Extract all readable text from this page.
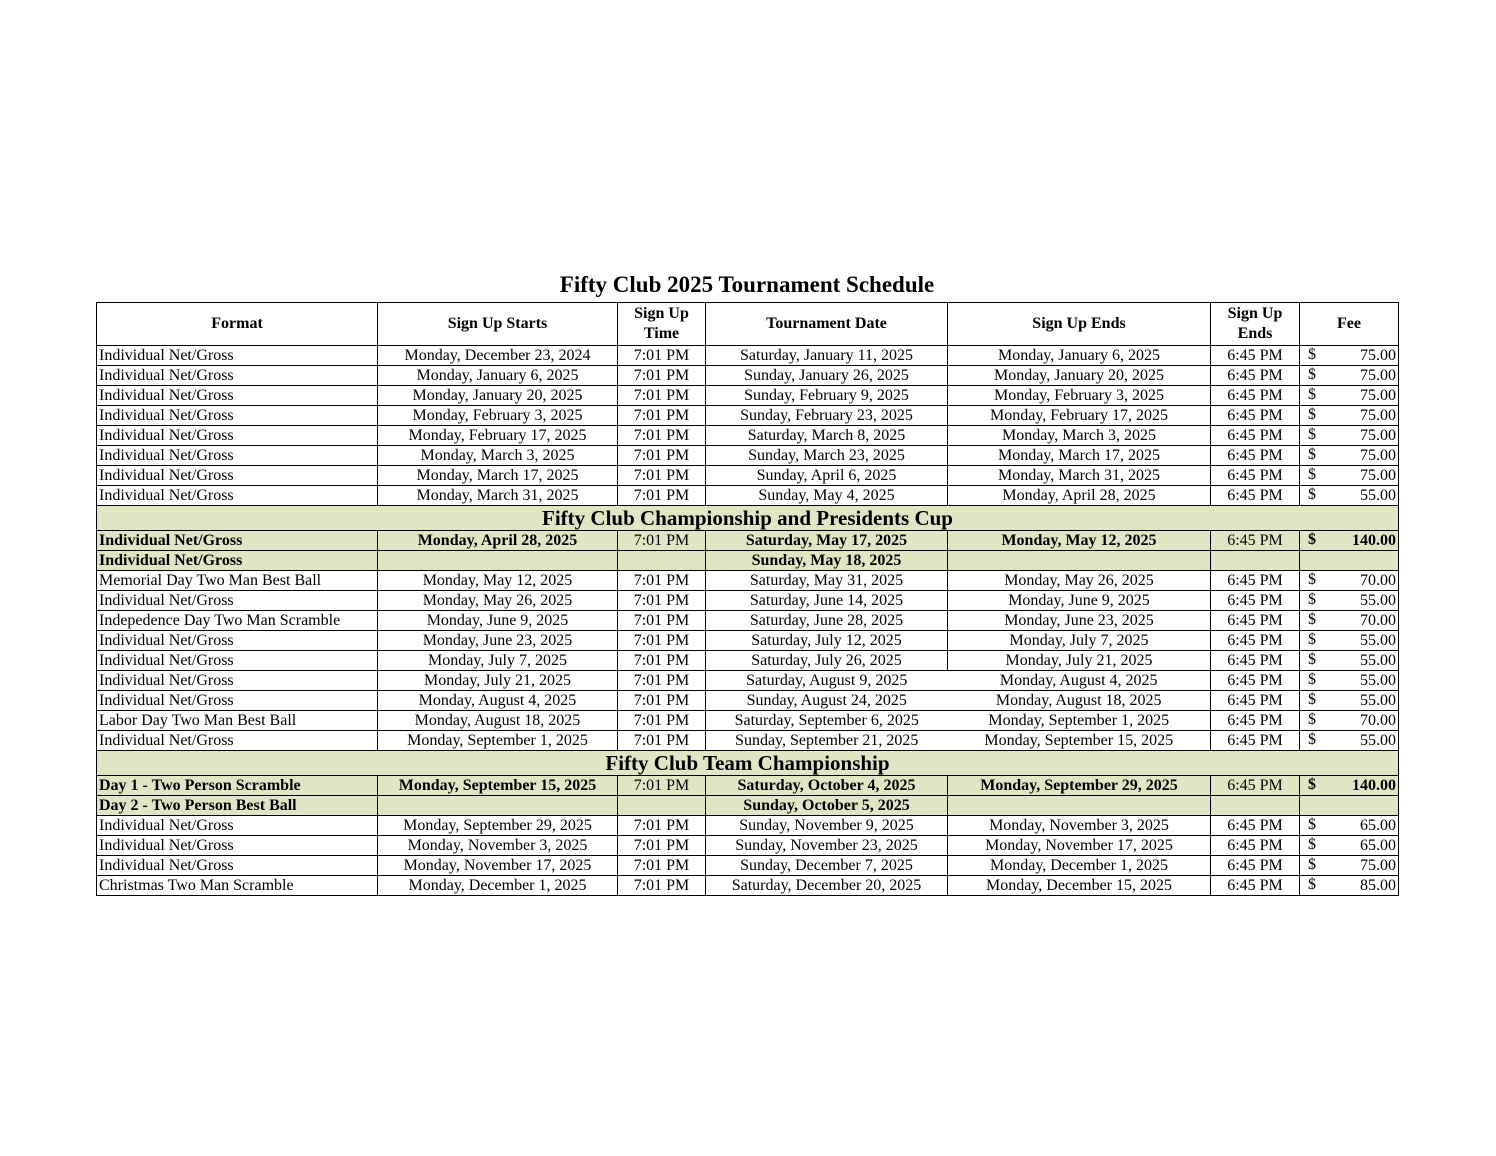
Fifty Club 2025 Tournament Schedule
Format	Sign Up Starts	Sign Up Time	Tournament Date	Sign Up Ends	Sign Up Ends	Fee
Individual Net/Gross	Monday, December 23, 2024	7:01 PM	Saturday, January 11, 2025	Monday, January 6, 2025	6:45 PM	$ 75.00
Individual Net/Gross	Monday, January 6, 2025	7:01 PM	Sunday, January 26, 2025	Monday, January 20, 2025	6:45 PM	$ 75.00
Individual Net/Gross	Monday, January 20, 2025	7:01 PM	Sunday, February 9, 2025	Monday, February 3, 2025	6:45 PM	$ 75.00
Individual Net/Gross	Monday, February 3, 2025	7:01 PM	Sunday, February 23, 2025	Monday, February 17, 2025	6:45 PM	$ 75.00
Individual Net/Gross	Monday, February 17, 2025	7:01 PM	Saturday, March 8, 2025	Monday, March 3, 2025	6:45 PM	$ 75.00
Individual Net/Gross	Monday, March 3, 2025	7:01 PM	Sunday, March 23, 2025	Monday, March 17, 2025	6:45 PM	$ 75.00
Individual Net/Gross	Monday, March 17, 2025	7:01 PM	Sunday, April 6, 2025	Monday, March 31, 2025	6:45 PM	$ 75.00
Individual Net/Gross	Monday, March 31, 2025	7:01 PM	Sunday, May 4, 2025	Monday, April 28, 2025	6:45 PM	$ 55.00
Fifty Club Championship and Presidents Cup						
Individual Net/Gross	Monday, April 28, 2025	7:01 PM	Saturday, May 17, 2025	Monday, May 12, 2025	6:45 PM	$ 140.00
Individual Net/Gross			Sunday, May 18, 2025			
Memorial Day Two Man Best Ball	Monday, May 12, 2025	7:01 PM	Saturday, May 31, 2025	Monday, May 26, 2025	6:45 PM	$ 70.00
Individual Net/Gross	Monday, May 26, 2025	7:01 PM	Saturday, June 14, 2025	Monday, June 9, 2025	6:45 PM	$ 55.00
Indepedence Day Two Man Scramble	Monday, June 9, 2025	7:01 PM	Saturday, June 28, 2025	Monday, June 23, 2025	6:45 PM	$ 70.00
Individual Net/Gross	Monday, June 23, 2025	7:01 PM	Saturday, July 12, 2025	Monday, July 7, 2025	6:45 PM	$ 55.00
Individual Net/Gross	Monday, July 7, 2025	7:01 PM	Saturday, July 26, 2025	Monday, July 21, 2025	6:45 PM	$ 55.00
Individual Net/Gross	Monday, July 21, 2025	7:01 PM	Saturday, August 9, 2025	Monday, August 4, 2025	6:45 PM	$ 55.00
Individual Net/Gross	Monday, August 4, 2025	7:01 PM	Sunday, August 24, 2025	Monday, August 18, 2025	6:45 PM	$ 55.00
Labor Day Two Man Best Ball	Monday, August 18, 2025	7:01 PM	Saturday, September 6, 2025	Monday, September 1, 2025	6:45 PM	$ 70.00
Individual Net/Gross	Monday, September 1, 2025	7:01 PM	Sunday, September 21, 2025	Monday, September 15, 2025	6:45 PM	$ 55.00
Fifty Club Team Championship						
Day 1 - Two Person Scramble	Monday, September 15, 2025	7:01 PM	Saturday, October 4, 2025	Monday, September 29, 2025	6:45 PM	$ 140.00
Day 2 - Two Person Best Ball			Sunday, October 5, 2025			
Individual Net/Gross	Monday, September 29, 2025	7:01 PM	Sunday, November 9, 2025	Monday, November 3, 2025	6:45 PM	$ 65.00
Individual Net/Gross	Monday, November 3, 2025	7:01 PM	Sunday, November 23, 2025	Monday, November 17, 2025	6:45 PM	$ 65.00
Individual Net/Gross	Monday, November 17, 2025	7:01 PM	Sunday, December 7, 2025	Monday, December 1, 2025	6:45 PM	$ 75.00
Christmas Two Man Scramble	Monday, December 1, 2025	7:01 PM	Saturday, December 20, 2025	Monday, December 15, 2025	6:45 PM	$ 85.00
